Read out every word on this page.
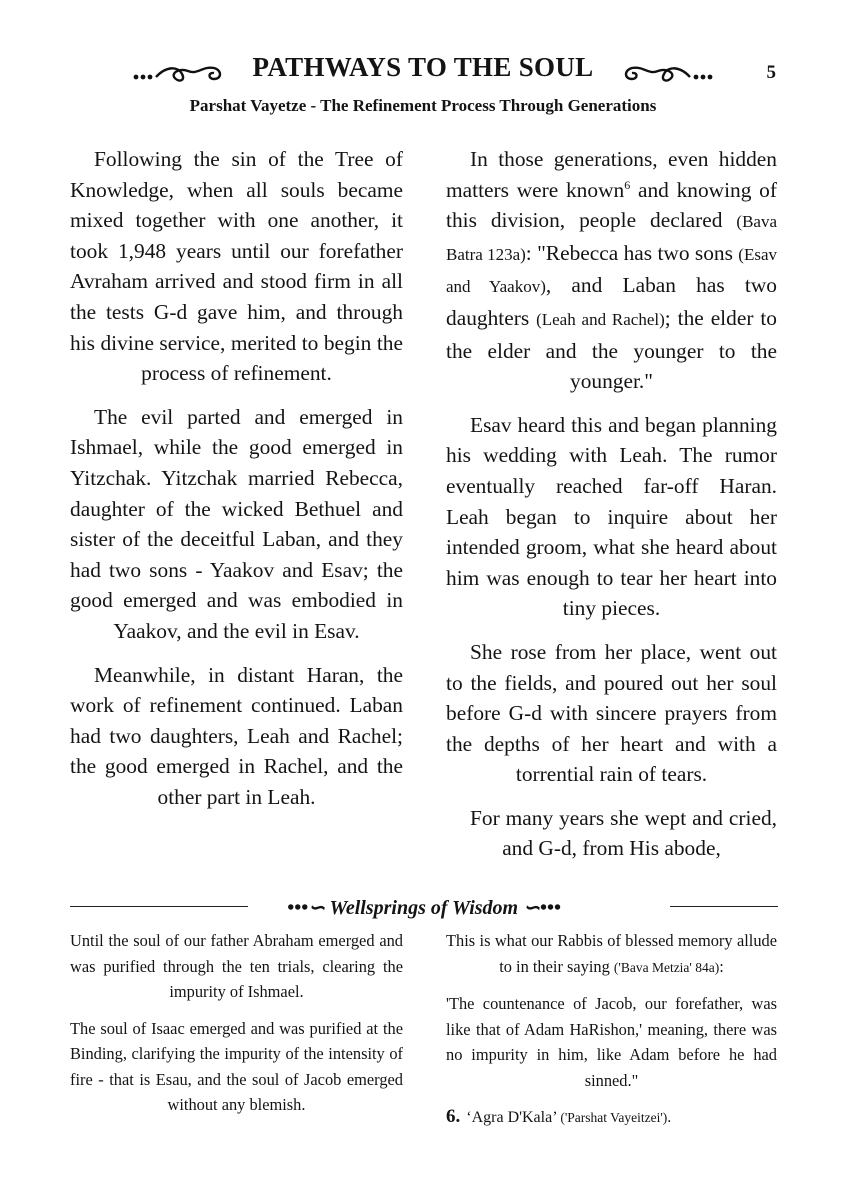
PATHWAYS TO THE SOUL	5
Parshat Vayetze - The Refinement Process Through Generations

Following the sin of the Tree of Knowledge, when all souls became mixed together with one another, it took 1,948 years until our forefather Avraham arrived and stood firm in all the tests G-d gave him, and through his divine service, merited to begin the process of refinement.

The evil parted and emerged in Ishmael, while the good emerged in Yitzchak. Yitzchak married Rebecca, daughter of the wicked Bethuel and sister of the deceitful Laban, and they had two sons - Yaakov and Esav; the good emerged and was embodied in Yaakov, and the evil in Esav.

Meanwhile, in distant Haran, the work of refinement continued. Laban had two daughters, Leah and Rachel; the good emerged in Rachel, and the other part in Leah.

In those generations, even hidden matters were known$^6$ and knowing of this division, people declared (Bava Batra 123a): "Rebecca has two sons (Esav and Yaakov), and Laban has two daughters (Leah and Rachel); the elder to the elder and the younger to the younger."

Esav heard this and began planning his wedding with Leah. The rumor eventually reached far-off Haran. Leah began to inquire about her intended groom, what she heard about him was enough to tear her heart into tiny pieces.

She rose from her place, went out to the fields, and poured out her soul before G-d with sincere prayers from the depths of her heart and with a torrential rain of tears.

For many years she wept and cried, and G-d, from His abode,

•••∽ Wellsprings of Wisdom ∽•••

Until the soul of our father Abraham emerged and was purified through the ten trials, clearing the impurity of Ishmael.

The soul of Isaac emerged and was purified at the Binding, clarifying the impurity of the intensity of fire - that is Esau, and the soul of Jacob emerged without any blemish.

This is what our Rabbis of blessed memory allude to in their saying ('Bava Metzia' 84a):

'The countenance of Jacob, our forefather, was like that of Adam HaRishon,' meaning, there was no impurity in him, like Adam before he had sinned."

6. ‘Agra D'Kala’ ('Parshat Vayeitzei').
